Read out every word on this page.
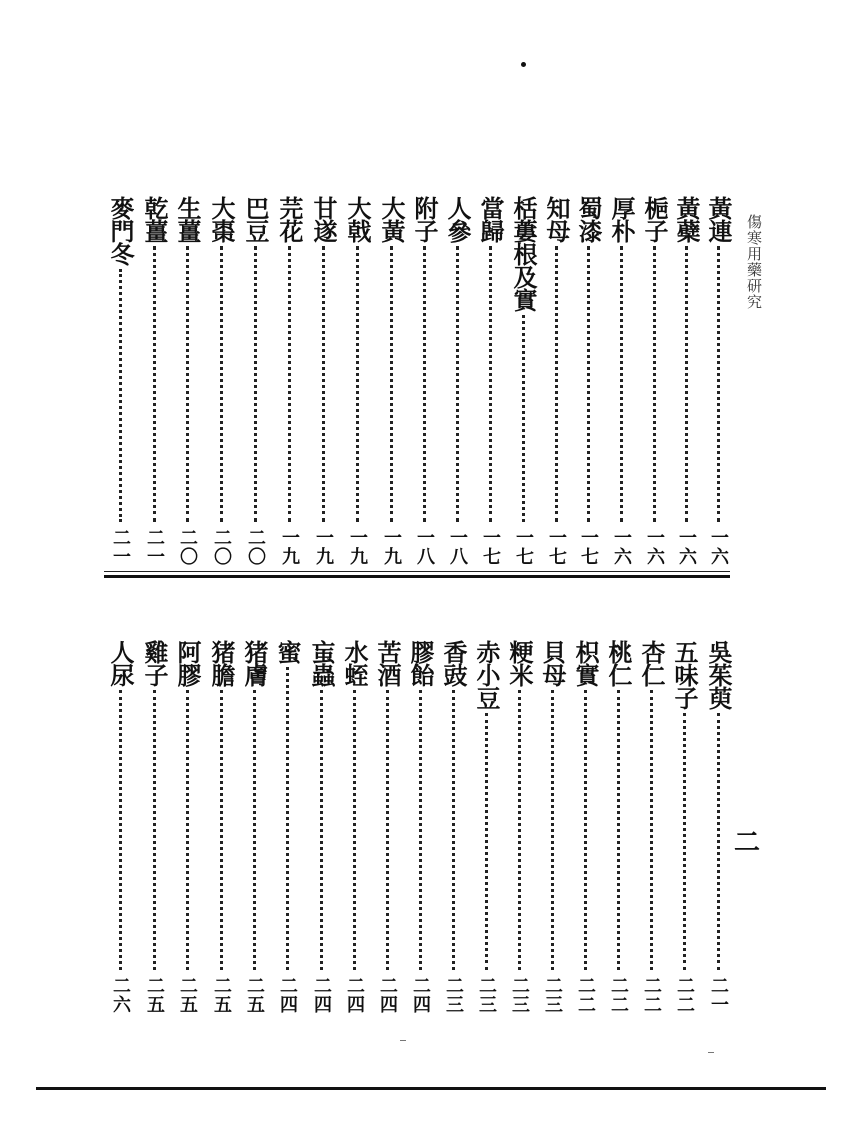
傷寒用藥研究
黃連
一六
黃蘗
一六
梔子
一六
厚朴
一六
蜀漆
一七
知母
一七
栝蔞根及實
一七
當歸
一七
人參
一八
附子
一八
大黃
一九
大戟
一九
甘遂
一九
芫花
一九
巴豆
二〇
大棗
二〇
生薑
二〇
乾薑
二一
麥門冬
二一
二
吳茱萸
二一
五味子
二二
杏仁
二二
桃仁
二二
枳實
二二
貝母
二三
粳米
二三
赤小豆
二三
香豉
二三
膠飴
二四
苦酒
二四
水蛭
二四
䖟蟲
二四
蜜
二四
猪膚
二五
猪膽
二五
阿膠
二五
雞子
二五
人尿
二六
